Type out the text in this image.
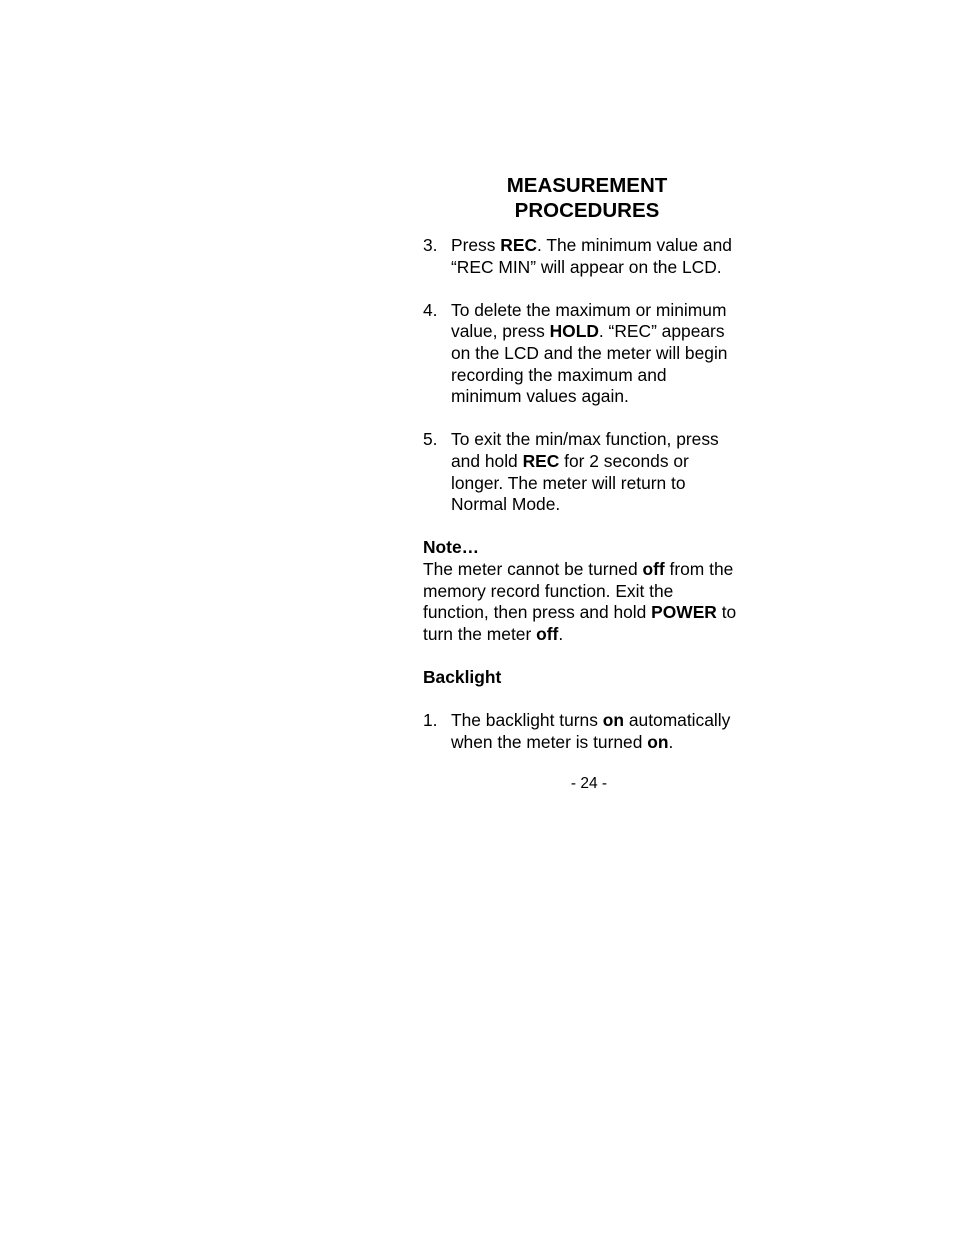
MEASUREMENT
PROCEDURES
3. Press REC. The minimum value and “REC MIN” will appear on the LCD.
4. To delete the maximum or minimum value, press HOLD. “REC” appears on the LCD and the meter will begin recording the maximum and minimum values again.
5. To exit the min/max function, press and hold REC for 2 seconds or longer. The meter will return to Normal Mode.
Note…

The meter cannot be turned off from the memory record function. Exit the function, then press and hold POWER to turn the meter off.

Backlight
1. The backlight turns on automatically when the meter is turned on.
- 24 -
